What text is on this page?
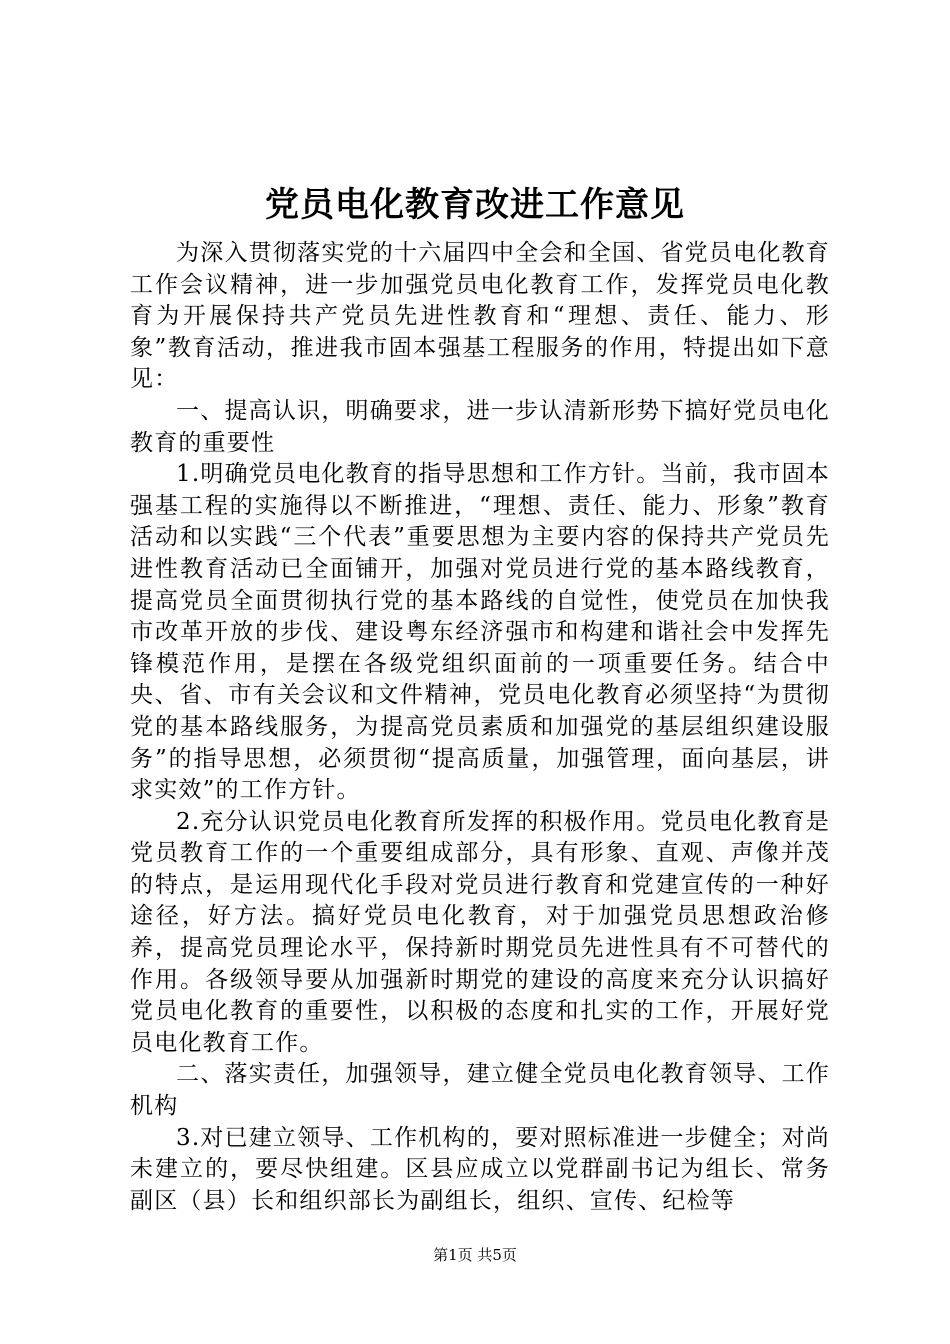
党员电化教育改进工作意见

为深入贯彻落实党的十六届四中全会和全国、省党员电化教育工作会议精神，进一步加强党员电化教育工作，发挥党员电化教育为开展保持共产党员先进性教育和“理想、责任、能力、形象”教育活动，推进我市固本强基工程服务的作用，特提出如下意见：

一、提高认识，明确要求，进一步认清新形势下搞好党员电化教育的重要性

1.明确党员电化教育的指导思想和工作方针。当前，我市固本强基工程的实施得以不断推进，“理想、责任、能力、形象”教育活动和以实践“三个代表”重要思想为主要内容的保持共产党员先进性教育活动已全面铺开，加强对党员进行党的基本路线教育，提高党员全面贯彻执行党的基本路线的自觉性，使党员在加快我市改革开放的步伐、建设粤东经济强市和构建和谐社会中发挥先锋模范作用，是摆在各级党组织面前的一项重要任务。结合中央、省、市有关会议和文件精神，党员电化教育必须坚持“为贯彻党的基本路线服务，为提高党员素质和加强党的基层组织建设服务”的指导思想，必须贯彻“提高质量，加强管理，面向基层，讲求实效”的工作方针。

2.充分认识党员电化教育所发挥的积极作用。党员电化教育是党员教育工作的一个重要组成部分，具有形象、直观、声像并茂的特点，是运用现代化手段对党员进行教育和党建宣传的一种好途径，好方法。搞好党员电化教育，对于加强党员思想政治修养，提高党员理论水平，保持新时期党员先进性具有不可替代的作用。各级领导要从加强新时期党的建设的高度来充分认识搞好党员电化教育的重要性，以积极的态度和扎实的工作，开展好党员电化教育工作。

二、落实责任，加强领导，建立健全党员电化教育领导、工作机构

3.对已建立领导、工作机构的，要对照标准进一步健全；对尚未建立的，要尽快组建。区县应成立以党群副书记为组长、常务副区（县）长和组织部长为副组长，组织、宣传、纪检等

第1页 共5页
